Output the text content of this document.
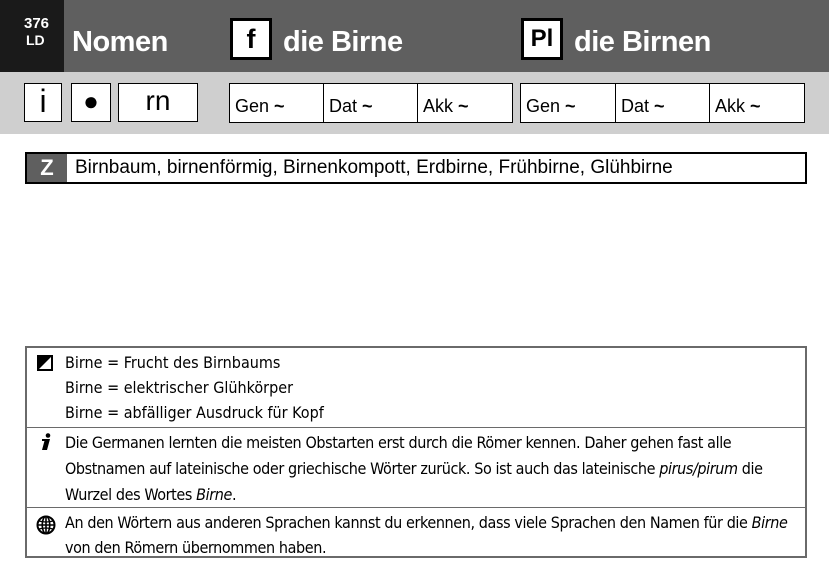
376
LD Nomen	f die Birne	Pl die Birnen
i	●	rn	Gen ~	Dat ~	Akk ~	Gen ~	Dat ~	Akk ~
Z	Birnbaum, birnenförmig, Birnenkompott, Erdbirne, Frühbirne, Glühbirne
Birne = Frucht des Birnbaums
Birne = elektrischer Glühkörper
Birne = abfälliger Ausdruck für Kopf
Die Germanen lernten die meisten Obstarten erst durch die Römer kennen. Daher gehen fast alle
Obstnamen auf lateinische oder griechische Wörter zurück. So ist auch das lateinische pirus/pirum die
Wurzel des Wortes Birne.
An den Wörtern aus anderen Sprachen kannst du erkennen, dass viele Sprachen den Namen für die Birne
von den Römern übernommen haben.
